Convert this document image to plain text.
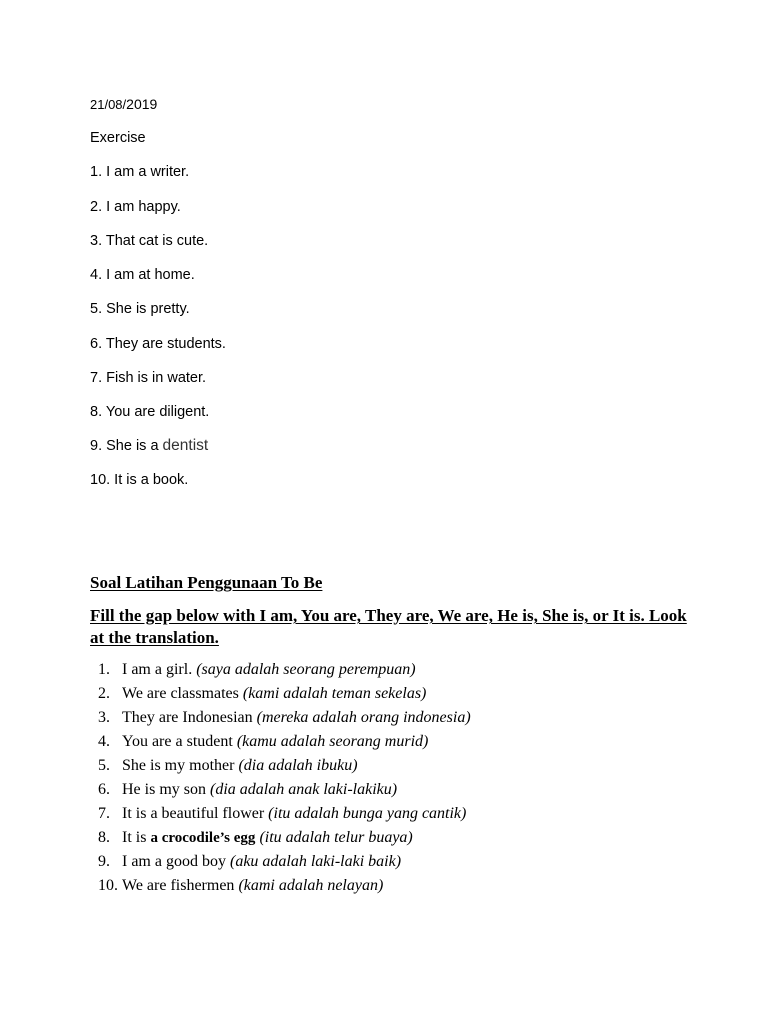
21/08/2019
Exercise
1. I am a writer.
2. I am happy.
3. That cat is cute.
4. I am at home.
5. She is pretty.
6. They are students.
7. Fish is in water.
8. You are diligent.
9. She is a dentist
10. It is a book.
Soal Latihan Penggunaan To Be
Fill the gap below with I am, You are, They are, We are, He is, She is, or It is. Look at the translation.
1. I am a girl. (saya adalah seorang perempuan)
2. We are classmates (kami adalah teman sekelas)
3. They are Indonesian (mereka adalah orang indonesia)
4. You are a student (kamu adalah seorang murid)
5. She is my mother (dia adalah ibuku)
6. He is my son (dia adalah anak laki-lakiku)
7. It is a beautiful flower (itu adalah bunga yang cantik)
8. It is a crocodile’s egg (itu adalah telur buaya)
9. I am a good boy (aku adalah laki-laki baik)
10. We are fishermen (kami adalah nelayan)
